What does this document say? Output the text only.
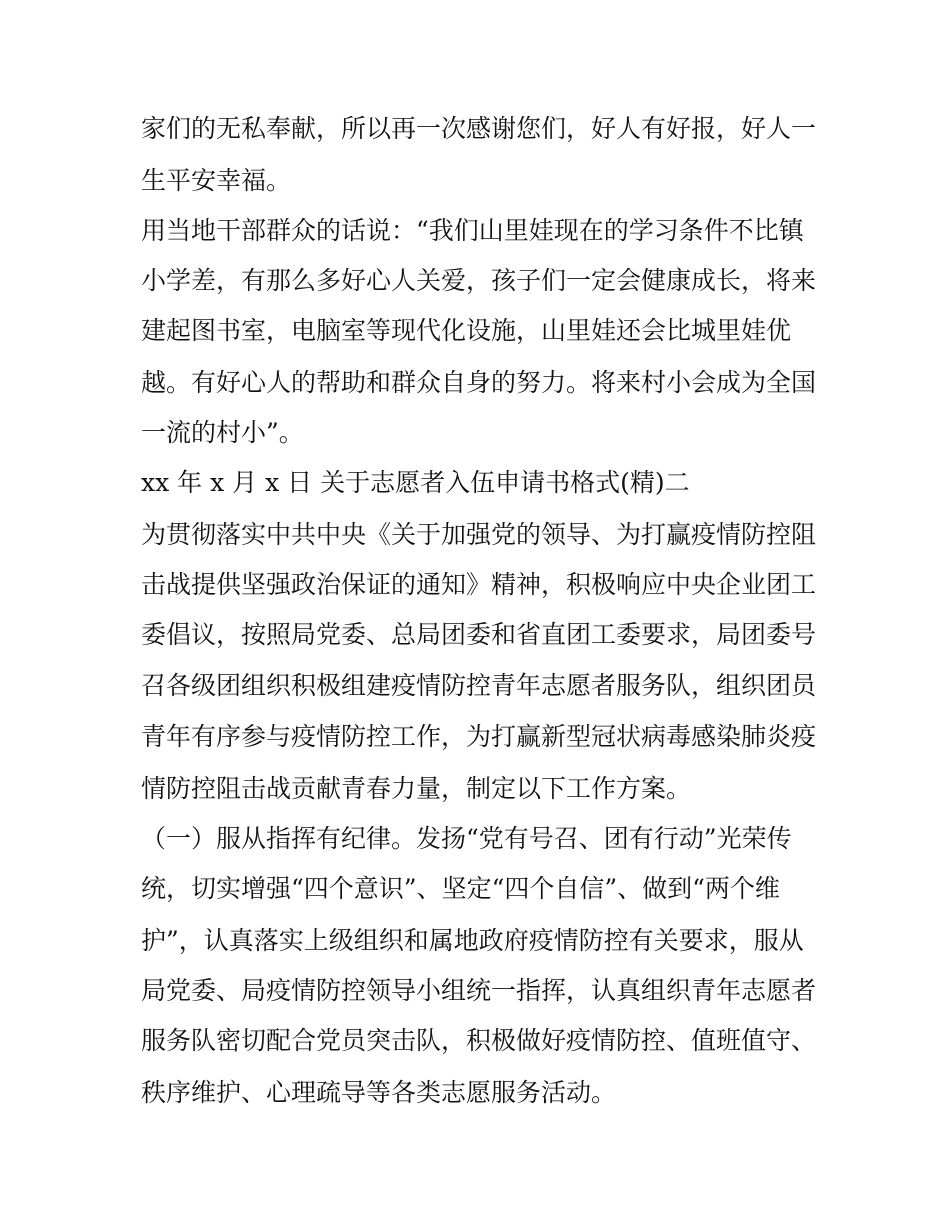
家们的无私奉献，所以再一次感谢您们，好人有好报，好人一
生平安幸福。
用当地干部群众的话说：“我们山里娃现在的学习条件不比镇
小学差，有那么多好心人关爱，孩子们一定会健康成长，将来
建起图书室，电脑室等现代化设施，山里娃还会比城里娃优
越。有好心人的帮助和群众自身的努力。将来村小会成为全国
一流的村小”。
xx 年 x 月 x 日 关于志愿者入伍申请书格式(精)二
为贯彻落实中共中央《关于加强党的领导、为打赢疫情防控阻
击战提供坚强政治保证的通知》精神，积极响应中央企业团工
委倡议，按照局党委、总局团委和省直团工委要求，局团委号
召各级团组织积极组建疫情防控青年志愿者服务队，组织团员
青年有序参与疫情防控工作，为打赢新型冠状病毒感染肺炎疫
情防控阻击战贡献青春力量，制定以下工作方案。
（一）服从指挥有纪律。发扬“党有号召、团有行动”光荣传
统，切实增强“四个意识”、坚定“四个自信”、做到“两个维
护”，认真落实上级组织和属地政府疫情防控有关要求，服从
局党委、局疫情防控领导小组统一指挥，认真组织青年志愿者
服务队密切配合党员突击队，积极做好疫情防控、值班值守、
秩序维护、心理疏导等各类志愿服务活动。
